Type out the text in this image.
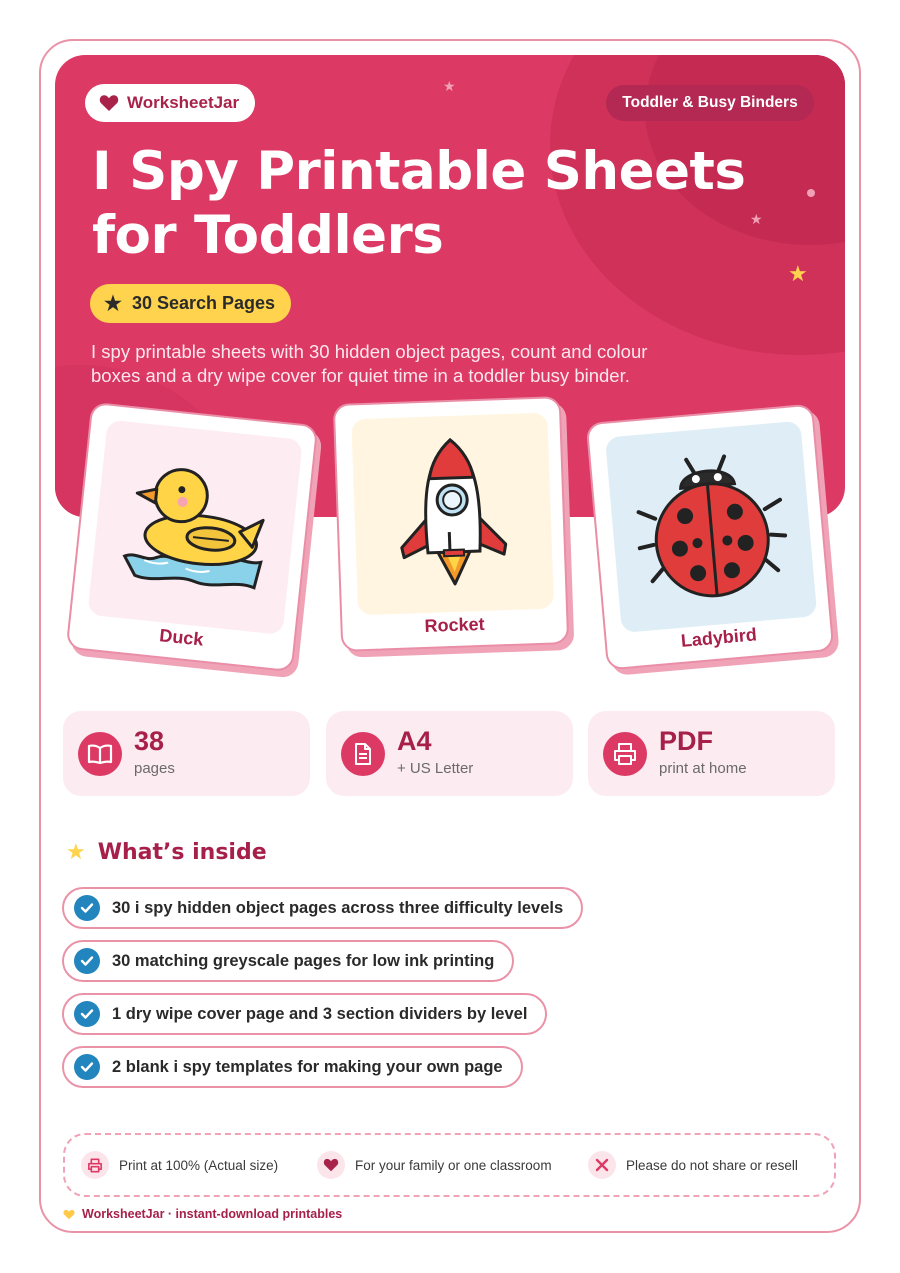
★
★
★
WorksheetJar	Toddler & Busy Binders
I Spy Printable Sheets
for Toddlers
★ 30 Search Pages
I spy printable sheets with 30 hidden object pages, count and colour
boxes and a dry wipe cover for quiet time in a toddler busy binder.
Duck
Rocket	Ladybird
38
pages
A4
+ US Letter
PDF
print at home
★ What’s inside
30 i spy hidden object pages across three difficulty levels
30 matching greyscale pages for low ink printing
1 dry wipe cover page and 3 section dividers by level
2 blank i spy templates for making your own page
Print at 100% (Actual size)	For your family or one classroom	Please do not share or resell
WorksheetJar · instant-download printables
